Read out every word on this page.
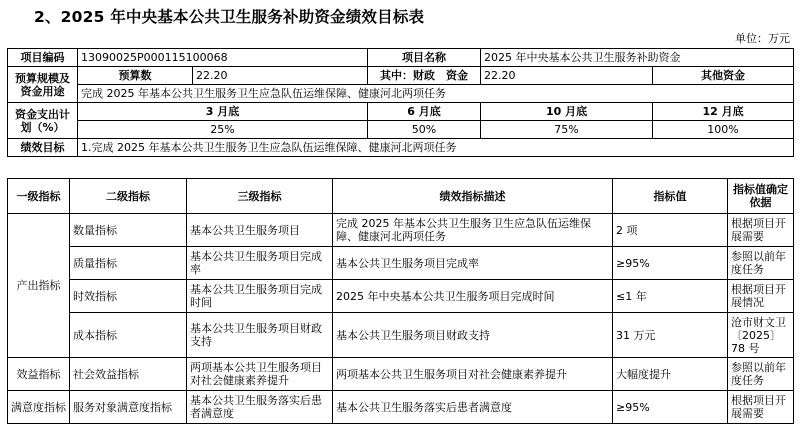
2、2025 年中央基本公共卫生服务补助资金绩效目标表
单位：万元
项目编码	13090025P000115100068		项目名称	2025 年中央基本公共卫生服务补助资金	
预算规模及资金用途	预算数	22.20	其中：财政　资金	22.20	其他资金
	完成 2025 年基本公共卫生服务卫生应急队伍运维保障、健康河北两项任务				
资金支出计划（%）	3 月底		6 月底	10 月底	12 月底
	25%		50%	75%	100%
绩效目标	1.完成 2025 年基本公共卫生服务卫生应急队伍运维保障、健康河北两项任务				
一级指标	二级指标	三级指标	绩效指标描述	指标值	指标值确定依据
产出指标	数量指标	基本公共卫生服务项目	完成 2025 年基本公共卫生服务卫生应急队伍运维保障、健康河北两项任务	2 项	根据项目开展需要
	质量指标	基本公共卫生服务项目完成率	基本公共卫生服务项目完成率	≥95%	参照以前年度任务
	时效指标	基本公共卫生服务项目完成时间	2025 年中央基本公共卫生服务项目完成时间	≤1 年	根据项目开展情况
	成本指标	基本公共卫生服务项目财政支持	基本公共卫生服务项目财政支持	31 万元	沧市财文卫〔2025〕78 号
效益指标	社会效益指标	两项基本公共卫生服务项目对社会健康素养提升	两项基本公共卫生服务项目对社会健康素养提升	大幅度提升	参照以前年度任务
满意度指标	服务对象满意度指标	基本公共卫生服务落实后患者满意度	基本公共卫生服务落实后患者满意度	≥95%	根据项目开展需要
